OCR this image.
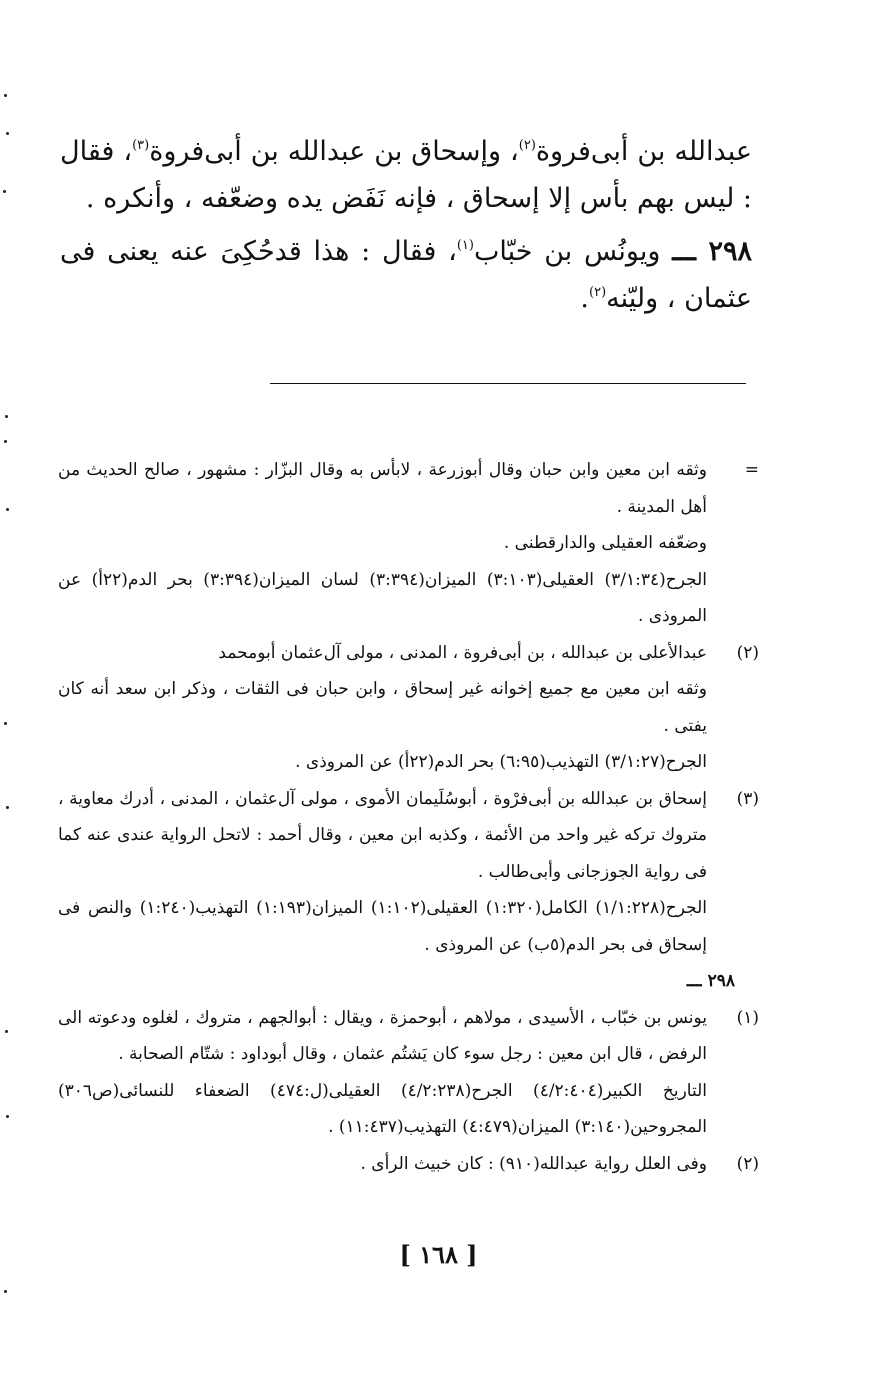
عبدالله بن أبى‌فروة$^{(٢)}$، وإسحاق بن عبدالله بن أبى‌فروة$^{(٣)}$، فقال : ليس بهم بأس إلا إسحاق ، فإنه نَفَض يده وضعّفه ، وأنكره .

٢٩٨ ـــ ويونُس بن خبّاب$^{(١)}$، فقال : هذا قدحُكِىَ عنه يعنى فى عثمان ، وليّنه$^{(٢)}$.

=
وثقه ابن معين وابن حبان وقال أبوزرعة ، لابأس به وقال البزّار : مشهور ، صالح الحديث من أهل المدينة .
وضعّفه العقيلى والدارقطنى .
الجرح(٣/١:٣٤) العقيلى(٣:١٠٣) الميزان(٣:٣٩٤) لسان الميزان(٣:٣٩٤) بحر الدم(٢٢أ) عن المروذى .
(٢)
عبدالأعلى بن عبدالله ، بن أبى‌فروة ، المدنى ، مولى آل‌عثمان أبومحمد
وثقه ابن معين مع جميع إخوانه غير إسحاق ، وابن حبان فى الثقات ، وذكر ابن سعد أنه كان يفتى .
الجرح(٣/١:٢٧) التهذيب(٦:٩٥) بحر الدم(٢٢أ) عن المروذى .
(٣)
إسحاق بن عبدالله بن أبى‌فرْوة ، أبوسُلَيمان الأموى ، مولى آل‌عثمان ، المدنى ، أدرك معاوية ، متروك تركه غير واحد من الأئمة ، وكذبه ابن معين ، وقال أحمد : لاتحل الرواية عندى عنه كما فى رواية الجوزجانى وأبى‌طالب .
الجرح(١/١:٢٢٨) الكامل(١:٣٢٠) العقيلى(١:١٠٢) الميزان(١:١٩٣) التهذيب(١:٢٤٠) والنص فى إسحاق فى بحر الدم(٥ب) عن المروذى .
٢٩٨ ـــ
(١)
يونس بن خبّاب ، الأسيدى ، مولاهم ، أبوحمزة ، ويقال : أبوالجهم ، متروك ، لغلوه ودعوته الى الرفض ، قال ابن معين : رجل سوء كان يَشتُم عثمان ، وقال أبوداود : شتّام الصحابة .
التاريخ الكبير(٤/٢:٤٠٤) الجرح(٤/٢:٢٣٨) العقيلى(ل:٤٧٤) الضعفاء للنسائى(ص٣٠٦) المجروحين(٣:١٤٠) الميزان(٤:٤٧٩) التهذيب(١١:٤٣٧) .
(٢)
وفى العلل رواية عبدالله(٩١٠) : كان خبيث الرأى .
[ ١٦٨ ]
